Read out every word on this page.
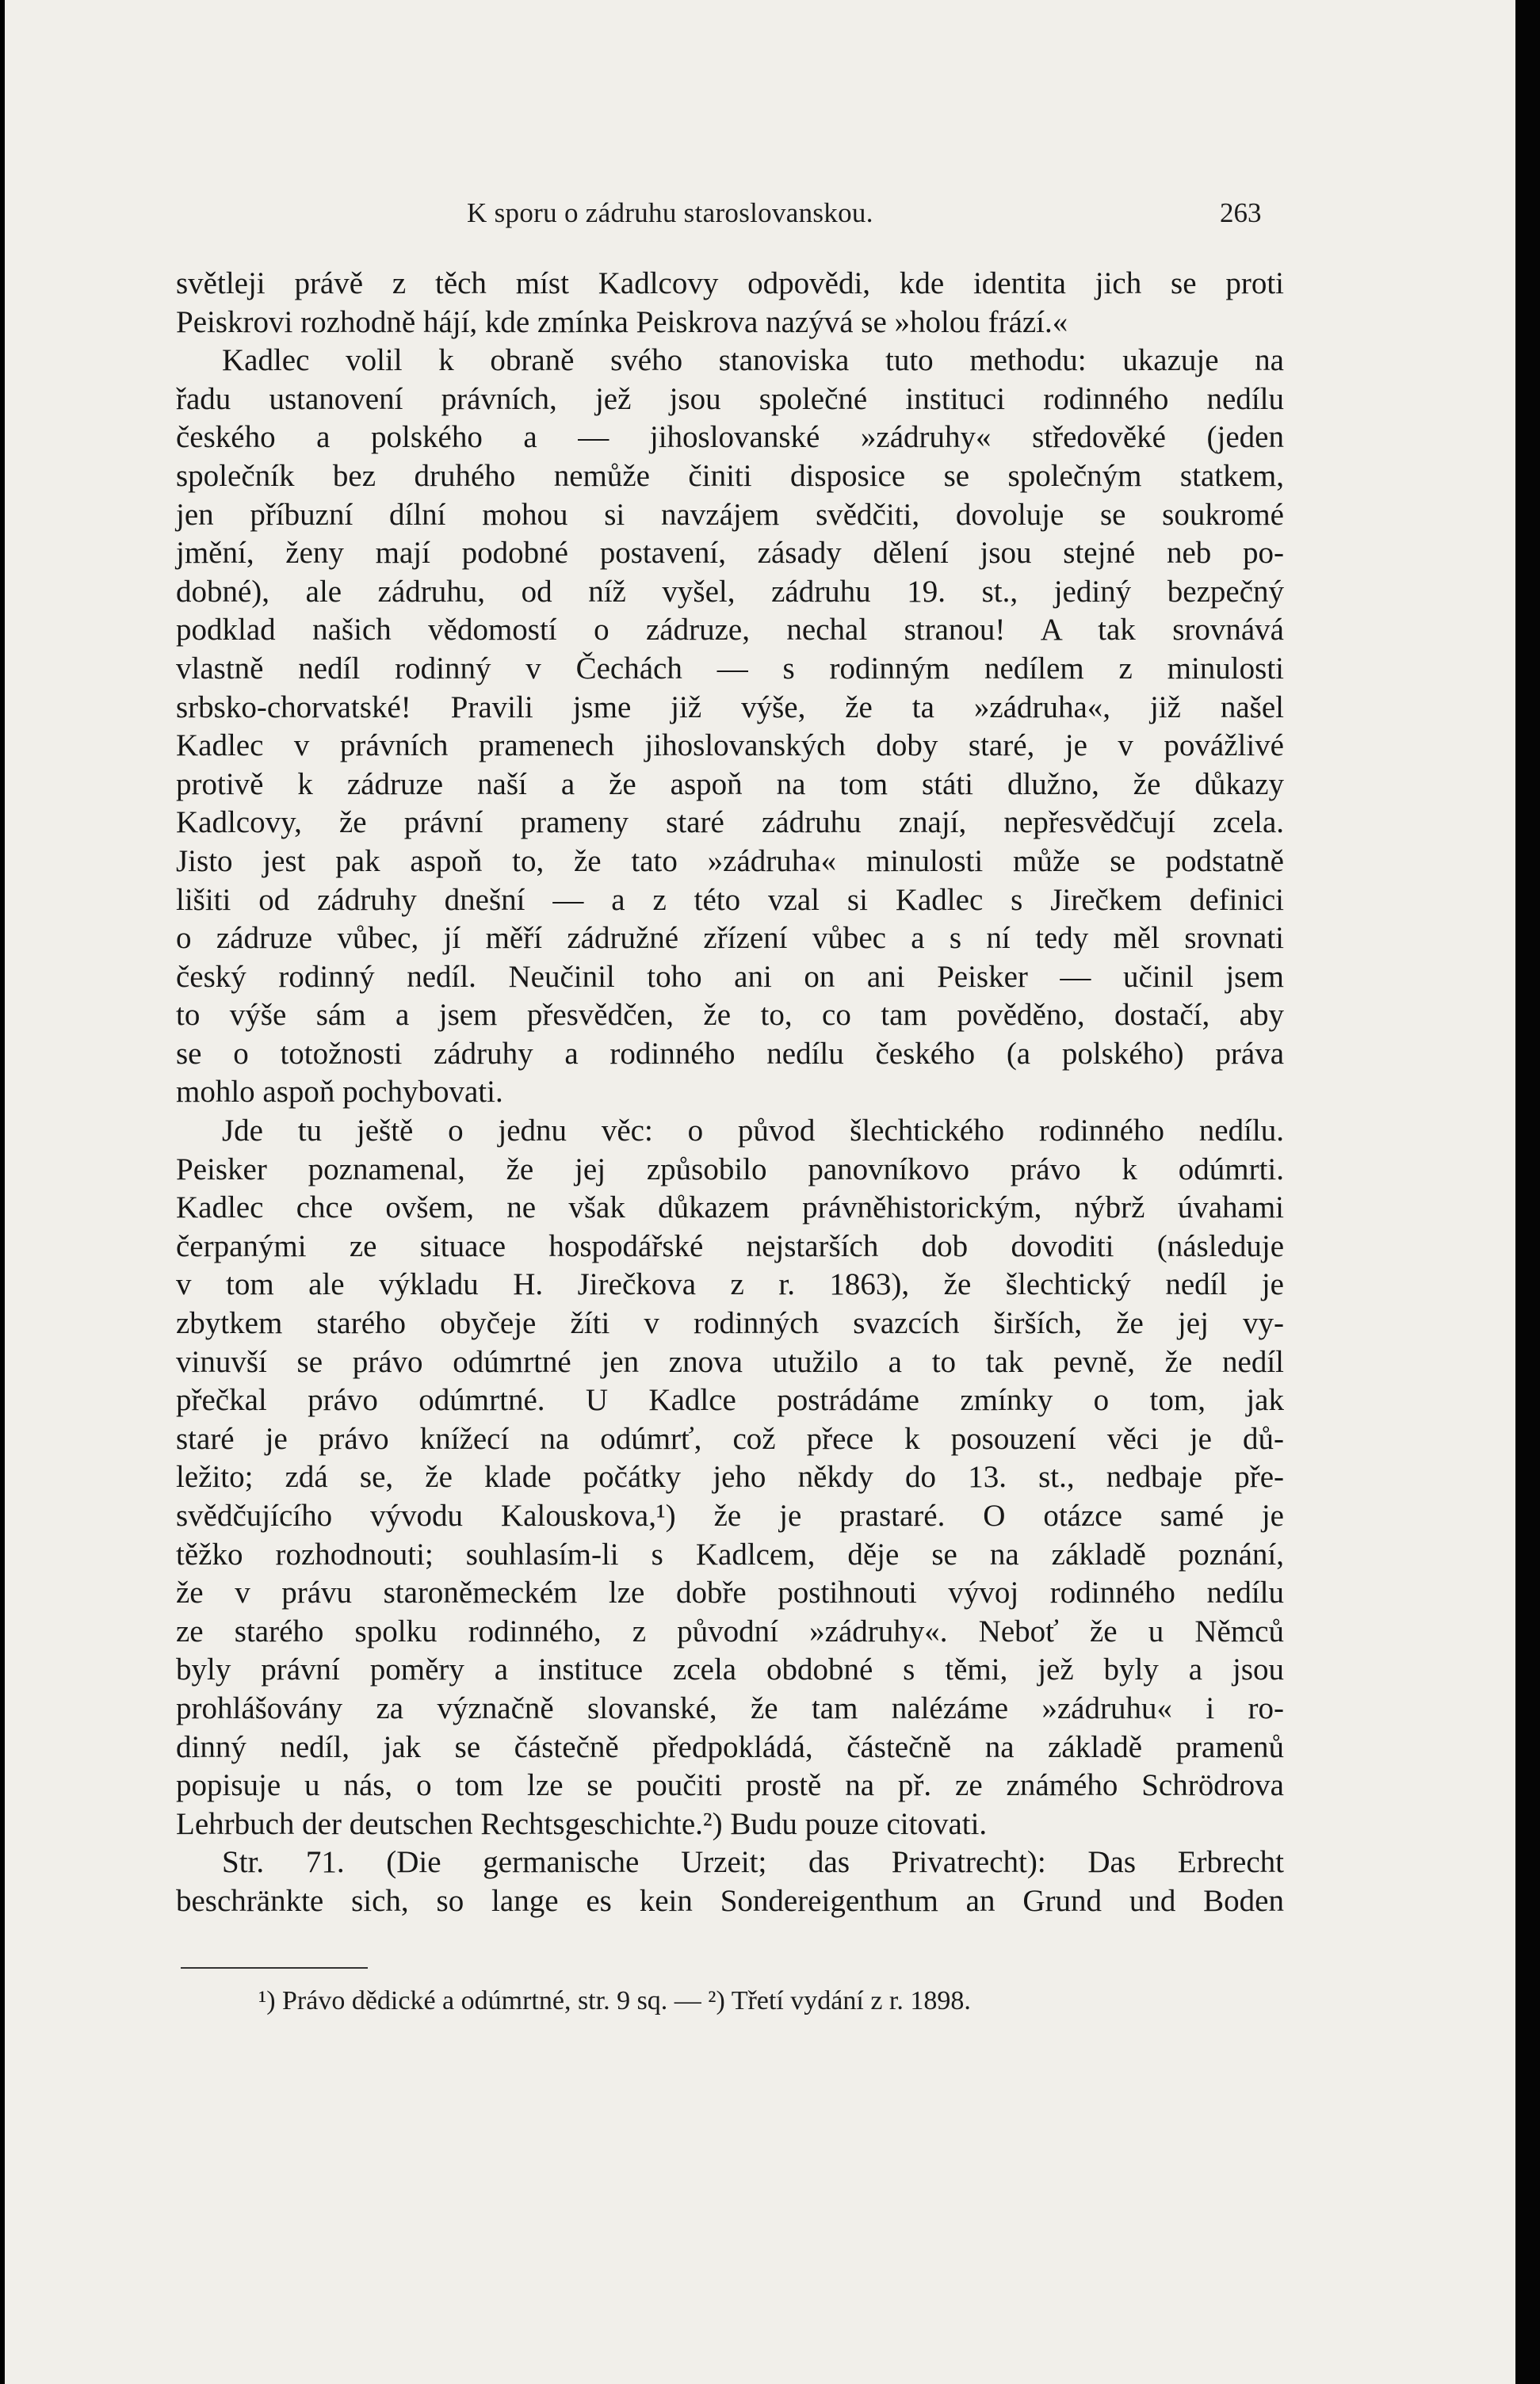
K sporu o zádruhu staroslovanskou.	263
světleji právě z těch míst Kadlcovy odpovědi, kde identita jich se proti
Peiskrovi rozhodně hájí, kde zmínka Peiskrova nazývá se »holou frází.«
Kadlec volil k obraně svého stanoviska tuto methodu: ukazuje na
řadu ustanovení právních, jež jsou společné instituci rodinného nedílu
českého a polského a — jihoslovanské »zádruhy« středověké (jeden
společník bez druhého nemůže činiti disposice se společným statkem,
jen příbuzní dílní mohou si navzájem svědčiti, dovoluje se soukromé
jmění, ženy mají podobné postavení, zásady dělení jsou stejné neb po-
dobné), ale zádruhu, od níž vyšel, zádruhu 19. st., jediný bezpečný
podklad našich vědomostí o zádruze, nechal stranou! A tak srovnává
vlastně nedíl rodinný v Čechách — s rodinným nedílem z minulosti
srbsko-chorvatské! Pravili jsme již výše, že ta »zádruha«, již našel
Kadlec v právních pramenech jihoslovanských doby staré, je v povážlivé
protivě k zádruze naší a že aspoň na tom státi dlužno, že důkazy
Kadlcovy, že právní prameny staré zádruhu znají, nepřesvědčují zcela.
Jisto jest pak aspoň to, že tato »zádruha« minulosti může se podstatně
lišiti od zádruhy dnešní — a z této vzal si Kadlec s Jirečkem definici
o zádruze vůbec, jí měří zádružné zřízení vůbec a s ní tedy měl srovnati
český rodinný nedíl. Neučinil toho ani on ani Peisker — učinil jsem
to výše sám a jsem přesvědčen, že to, co tam pověděno, dostačí, aby
se o totožnosti zádruhy a rodinného nedílu českého (a polského) práva
mohlo aspoň pochybovati.
Jde tu ještě o jednu věc: o původ šlechtického rodinného nedílu.
Peisker poznamenal, že jej způsobilo panovníkovo právo k odúmrti.
Kadlec chce ovšem, ne však důkazem právněhistorickým, nýbrž úvahami
čerpanými ze situace hospodářské nejstarších dob dovoditi (následuje
v tom ale výkladu H. Jirečkova z r. 1863), že šlechtický nedíl je
zbytkem starého obyčeje žíti v rodinných svazcích širších, že jej vy-
vinuvší se právo odúmrtné jen znova utužilo a to tak pevně, že nedíl
přečkal právo odúmrtné. U Kadlce postrádáme zmínky o tom, jak
staré je právo knížecí na odúmrť, což přece k posouzení věci je dů-
ležito; zdá se, že klade počátky jeho někdy do 13. st., nedbaje pře-
svědčujícího vývodu Kalouskova,¹) že je prastaré. O otázce samé je
těžko rozhodnouti; souhlasím-li s Kadlcem, děje se na základě poznání,
že v právu staroněmeckém lze dobře postihnouti vývoj rodinného nedílu
ze starého spolku rodinného, z původní »zádruhy«. Neboť že u Němců
byly právní poměry a instituce zcela obdobné s těmi, jež byly a jsou
prohlášovány za význačně slovanské, že tam nalézáme »zádruhu« i ro-
dinný nedíl, jak se částečně předpokládá, částečně na základě pramenů
popisuje u nás, o tom lze se poučiti prostě na př. ze známého Schrödrova
Lehrbuch der deutschen Rechtsgeschichte.²) Budu pouze citovati.
Str. 71. (Die germanische Urzeit; das Privatrecht): Das Erbrecht
beschränkte sich, so lange es kein Sondereigenthum an Grund und Boden
¹) Právo dědické a odúmrtné, str. 9 sq. — ²) Třetí vydání z r. 1898.
